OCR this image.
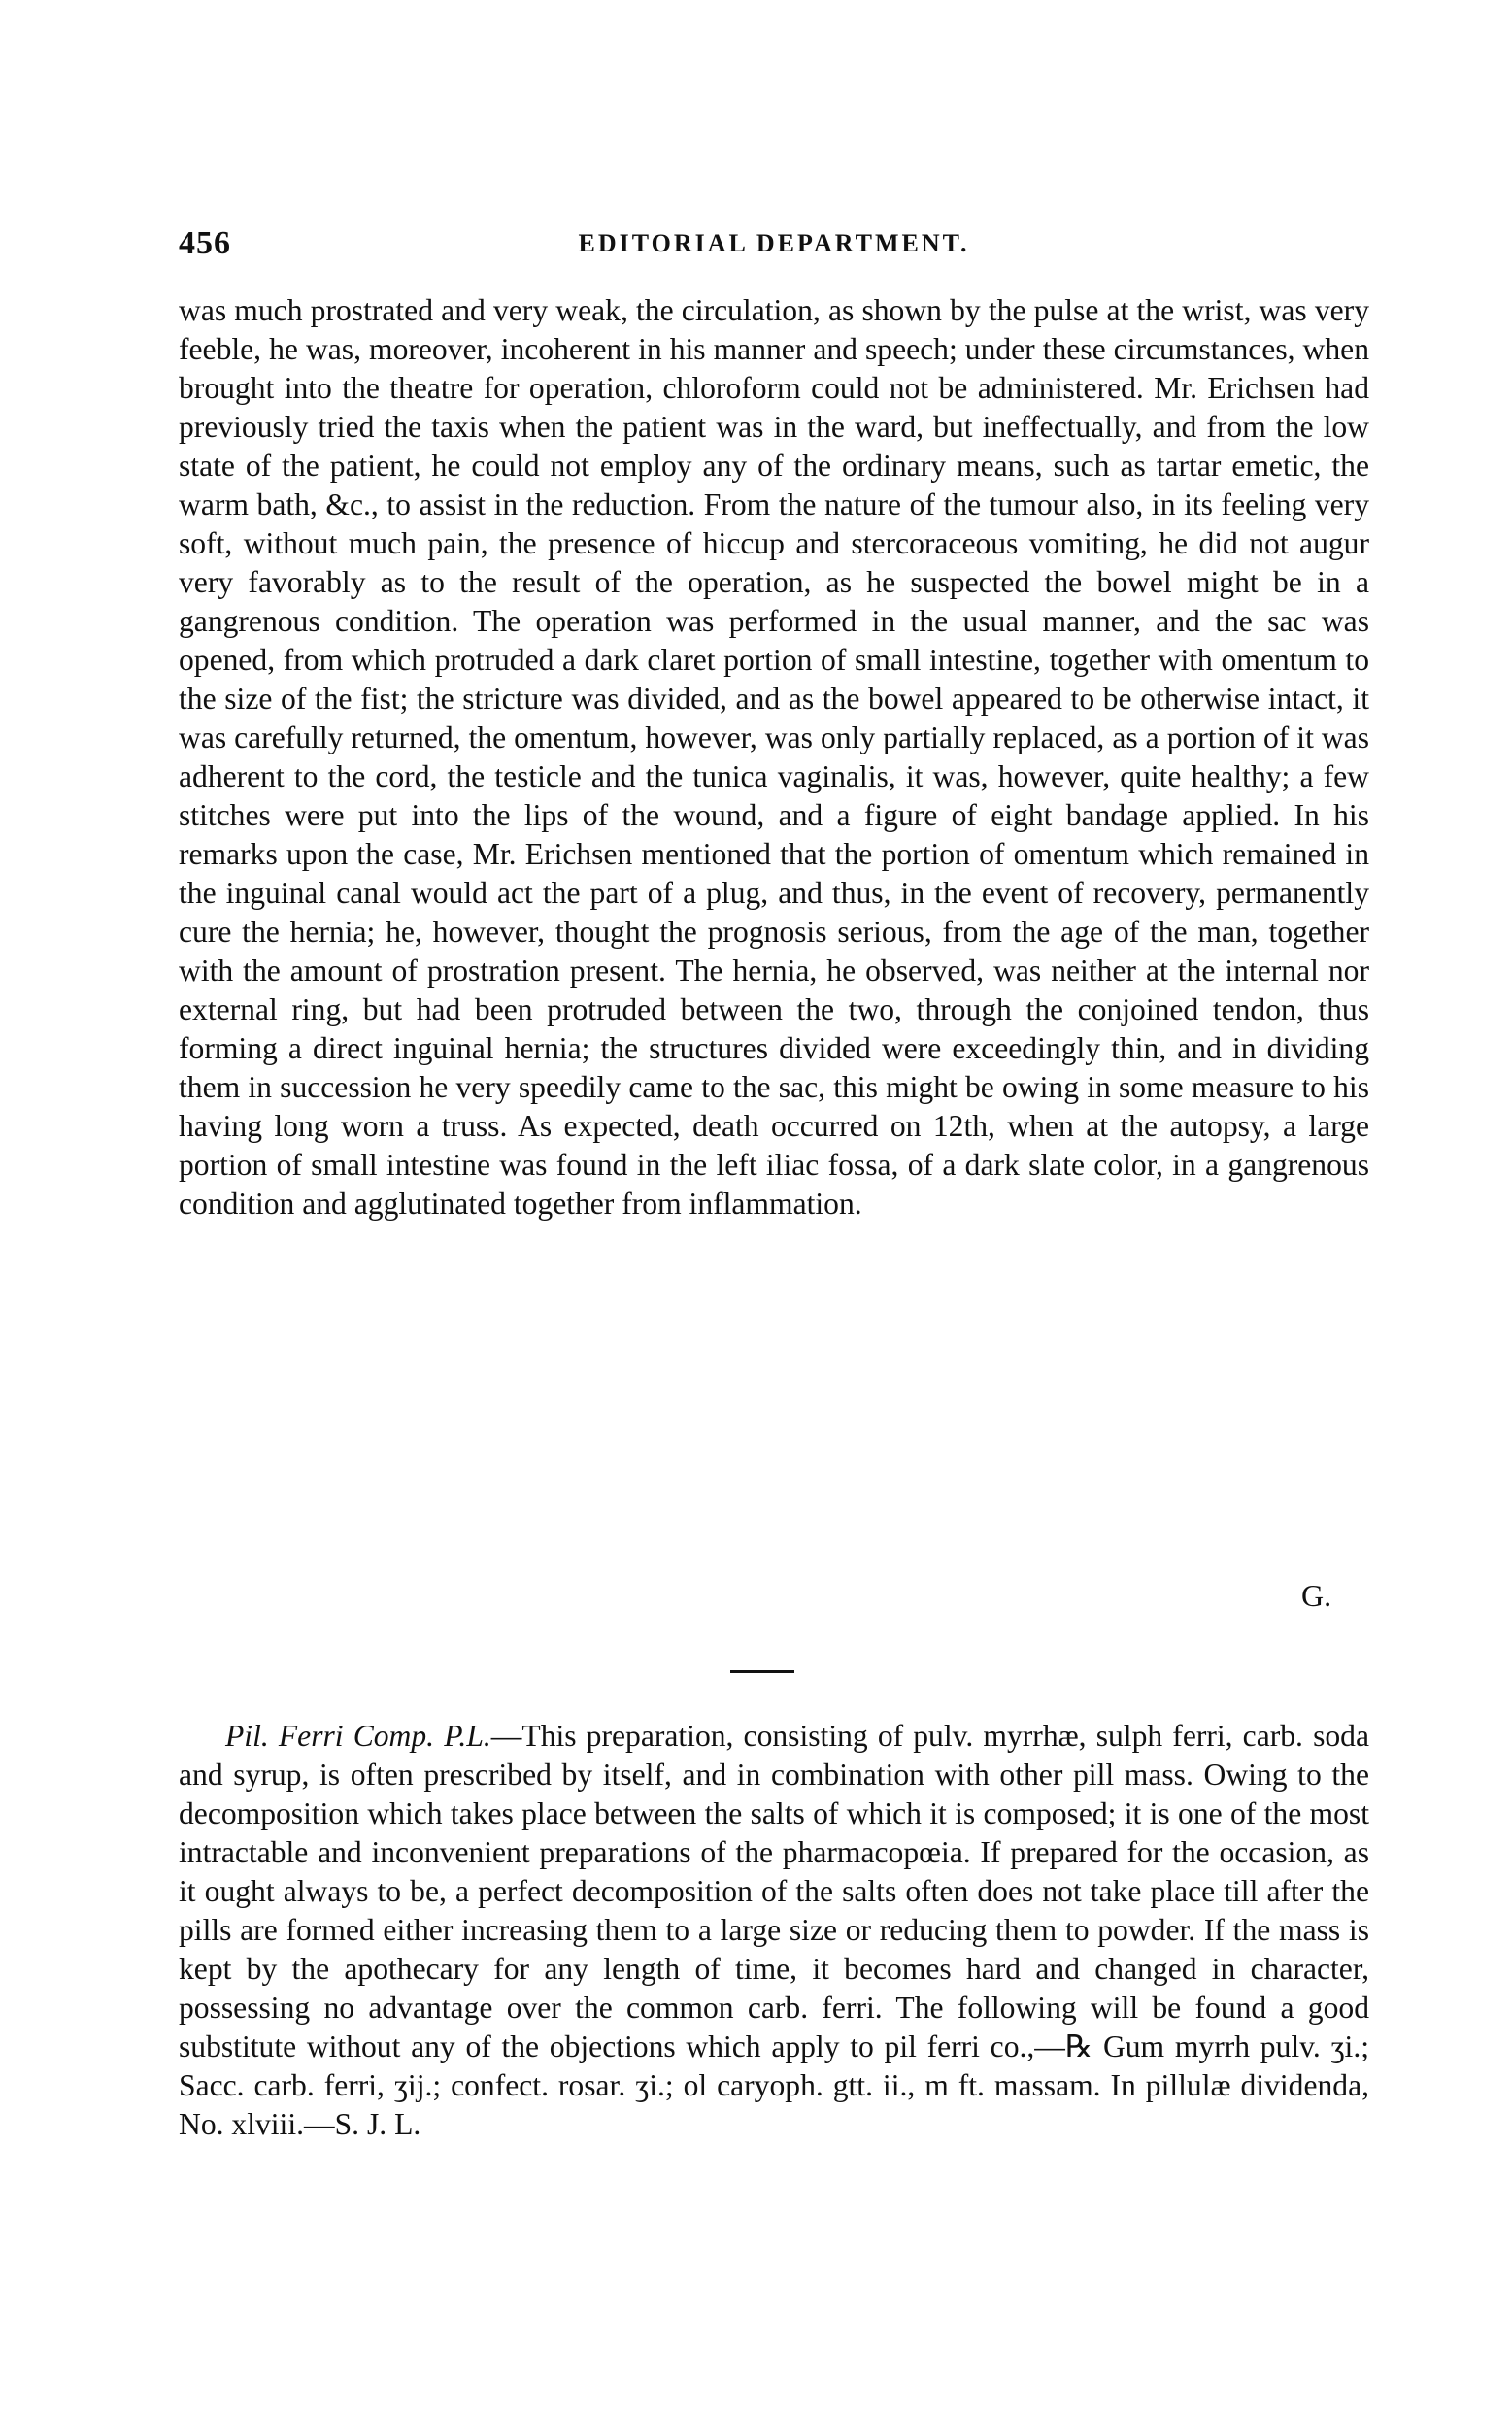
456	EDITORIAL DEPARTMENT.
was much prostrated and very weak, the circulation, as shown by the pulse at the wrist, was very feeble, he was, moreover, incoherent in his manner and speech; under these circumstances, when brought into the theatre for operation, chloroform could not be administered. Mr. Erichsen had previously tried the taxis when the patient was in the ward, but ineffectually, and from the low state of the patient, he could not employ any of the ordinary means, such as tartar emetic, the warm bath, &c., to assist in the reduction. From the nature of the tumour also, in its feeling very soft, without much pain, the presence of hiccup and stercoraceous vomiting, he did not augur very favorably as to the result of the operation, as he suspected the bowel might be in a gangrenous condition. The operation was performed in the usual manner, and the sac was opened, from which protruded a dark claret portion of small intestine, together with omentum to the size of the fist; the stricture was divided, and as the bowel appeared to be otherwise intact, it was carefully returned, the omentum, however, was only partially replaced, as a portion of it was adherent to the cord, the testicle and the tunica vaginalis, it was, however, quite healthy; a few stitches were put into the lips of the wound, and a figure of eight bandage applied. In his remarks upon the case, Mr. Erichsen mentioned that the portion of omentum which remained in the inguinal canal would act the part of a plug, and thus, in the event of recovery, permanently cure the hernia; he, however, thought the prognosis serious, from the age of the man, together with the amount of prostration present. The hernia, he observed, was neither at the internal nor external ring, but had been protruded between the two, through the conjoined tendon, thus forming a direct inguinal hernia; the structures divided were exceedingly thin, and in dividing them in succession he very speedily came to the sac, this might be owing in some measure to his having long worn a truss. As expected, death occurred on 12th, when at the autopsy, a large portion of small intestine was found in the left iliac fossa, of a dark slate color, in a gangrenous condition and agglutinated together from inflammation.
G.
Pil. Ferri Comp. P.L.—This preparation, consisting of pulv. myrrhæ, sulph ferri, carb. soda and syrup, is often prescribed by itself, and in combination with other pill mass. Owing to the decomposition which takes place between the salts of which it is composed; it is one of the most intractable and inconvenient preparations of the pharmacopœia. If prepared for the occasion, as it ought always to be, a perfect decomposition of the salts often does not take place till after the pills are formed either increasing them to a large size or reducing them to powder. If the mass is kept by the apothecary for any length of time, it becomes hard and changed in character, possessing no advantage over the common carb. ferri. The following will be found a good substitute without any of the objections which apply to pil ferri co.,—℞ Gum myrrh pulv. ʒi.; Sacc. carb. ferri, ʒij.; confect. rosar. ʒi.; ol caryoph. gtt. ii., m ft. massam. In pillulæ dividenda, No. xlviii.—S. J. L.
